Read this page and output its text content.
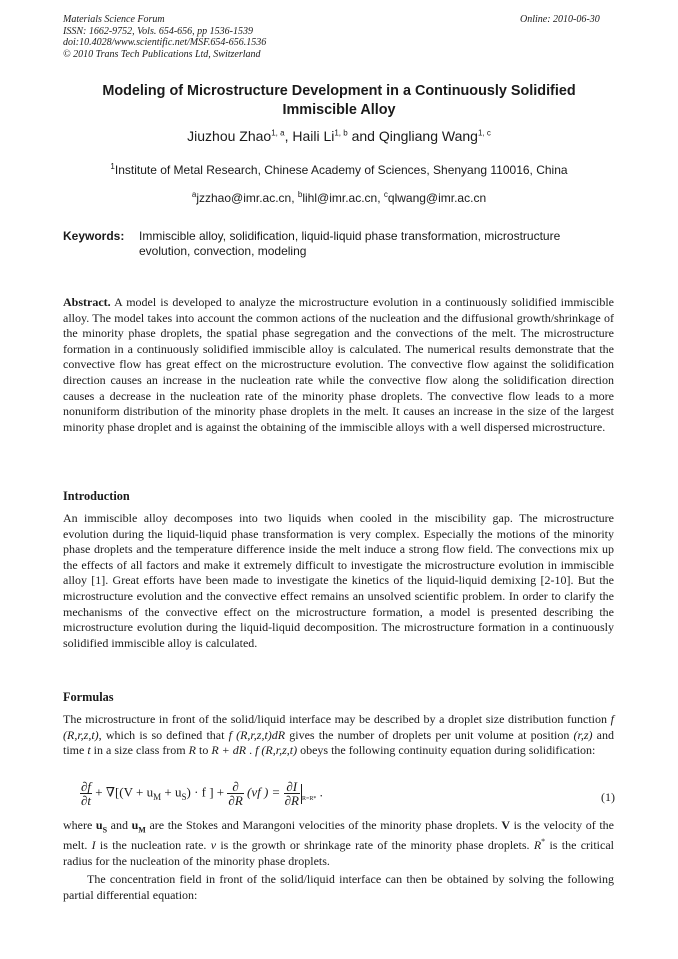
Materials Science Forum
ISSN: 1662-9752, Vols. 654-656, pp 1536-1539
doi:10.4028/www.scientific.net/MSF.654-656.1536
© 2010 Trans Tech Publications Ltd, Switzerland
Online: 2010-06-30
Modeling of Microstructure Development in a Continuously Solidified
Immiscible Alloy
Jiuzhou Zhao$^{1, a}$, Haili Li$^{1, b}$ and Qingliang Wang$^{1, c}$
$^1$Institute of Metal Research, Chinese Academy of Sciences, Shenyang 110016, China
$^a$jzzhao@imr.ac.cn, $^b$lihl@imr.ac.cn, $^c$qlwang@imr.ac.cn
Keywords: Immiscible alloy, solidification, liquid-liquid phase transformation, microstructure
evolution, convection, modeling
Abstract. A model is developed to analyze the microstructure evolution in a continuously solidified immiscible alloy. The model takes into account the common actions of the nucleation and the diffusional growth/shrinkage of the minority phase droplets, the spatial phase segregation and the convections of the melt. The microstructure formation in a continuously solidified immiscible alloy is calculated. The numerical results demonstrate that the convective flow has great effect on the microstructure evolution. The convective flow against the solidification direction causes an increase in the nucleation rate while the convective flow along the solidification direction causes a decrease in the nucleation rate of the minority phase droplets. The convective flow leads to a more nonuniform distribution of the minority phase droplets in the melt. It causes an increase in the size of the largest minority phase droplet and is against the obtaining of the immiscible alloys with a well dispersed microstructure.
Introduction
An immiscible alloy decomposes into two liquids when cooled in the miscibility gap. The microstructure evolution during the liquid-liquid phase transformation is very complex. Especially the motions of the minority phase droplets and the temperature difference inside the melt induce a strong flow field. The convections mix up the effects of all factors and make it extremely difficult to investigate the microstructure evolution in immiscible alloy [1]. Great efforts have been made to investigate the kinetics of the liquid-liquid demixing [2-10]. But the microstructure evolution and the convective effect remains an unsolved scientific problem. In order to clarify the mechanisms of the convective effect on the microstructure formation, a model is presented describing the microstructure evolution during the liquid-liquid decomposition. The microstructure formation in a continuously solidified immiscible alloy is calculated.
Formulas
The microstructure in front of the solid/liquid interface may be described by a droplet size distribution function f (R,r,z,t), which is so defined that f (R,r,z,t)dR gives the number of droplets per unit volume at position (r,z) and time t in a size class from R to R + dR . f (R,r,z,t) obeys the following continuity equation during solidification:
$\frac{\partial f}{\partial t} + \nabla[(V + u_M + u_S) \cdot f$ ] + $\frac{\partial}{\partial R} (vf$ ) = $\frac{\partial I}{\partial R} _{R=R*}$ .	(1)
where $u_S$ and $u_M$ are the Stokes and Marangoni velocities of the minority phase droplets. V is the velocity of the melt. I is the nucleation rate. v is the growth or shrinkage rate of the minority phase droplets. R* is the critical radius for the nucleation of the minority phase droplets.
The concentration field in front of the solid/liquid interface can then be obtained by solving the following partial differential equation:
